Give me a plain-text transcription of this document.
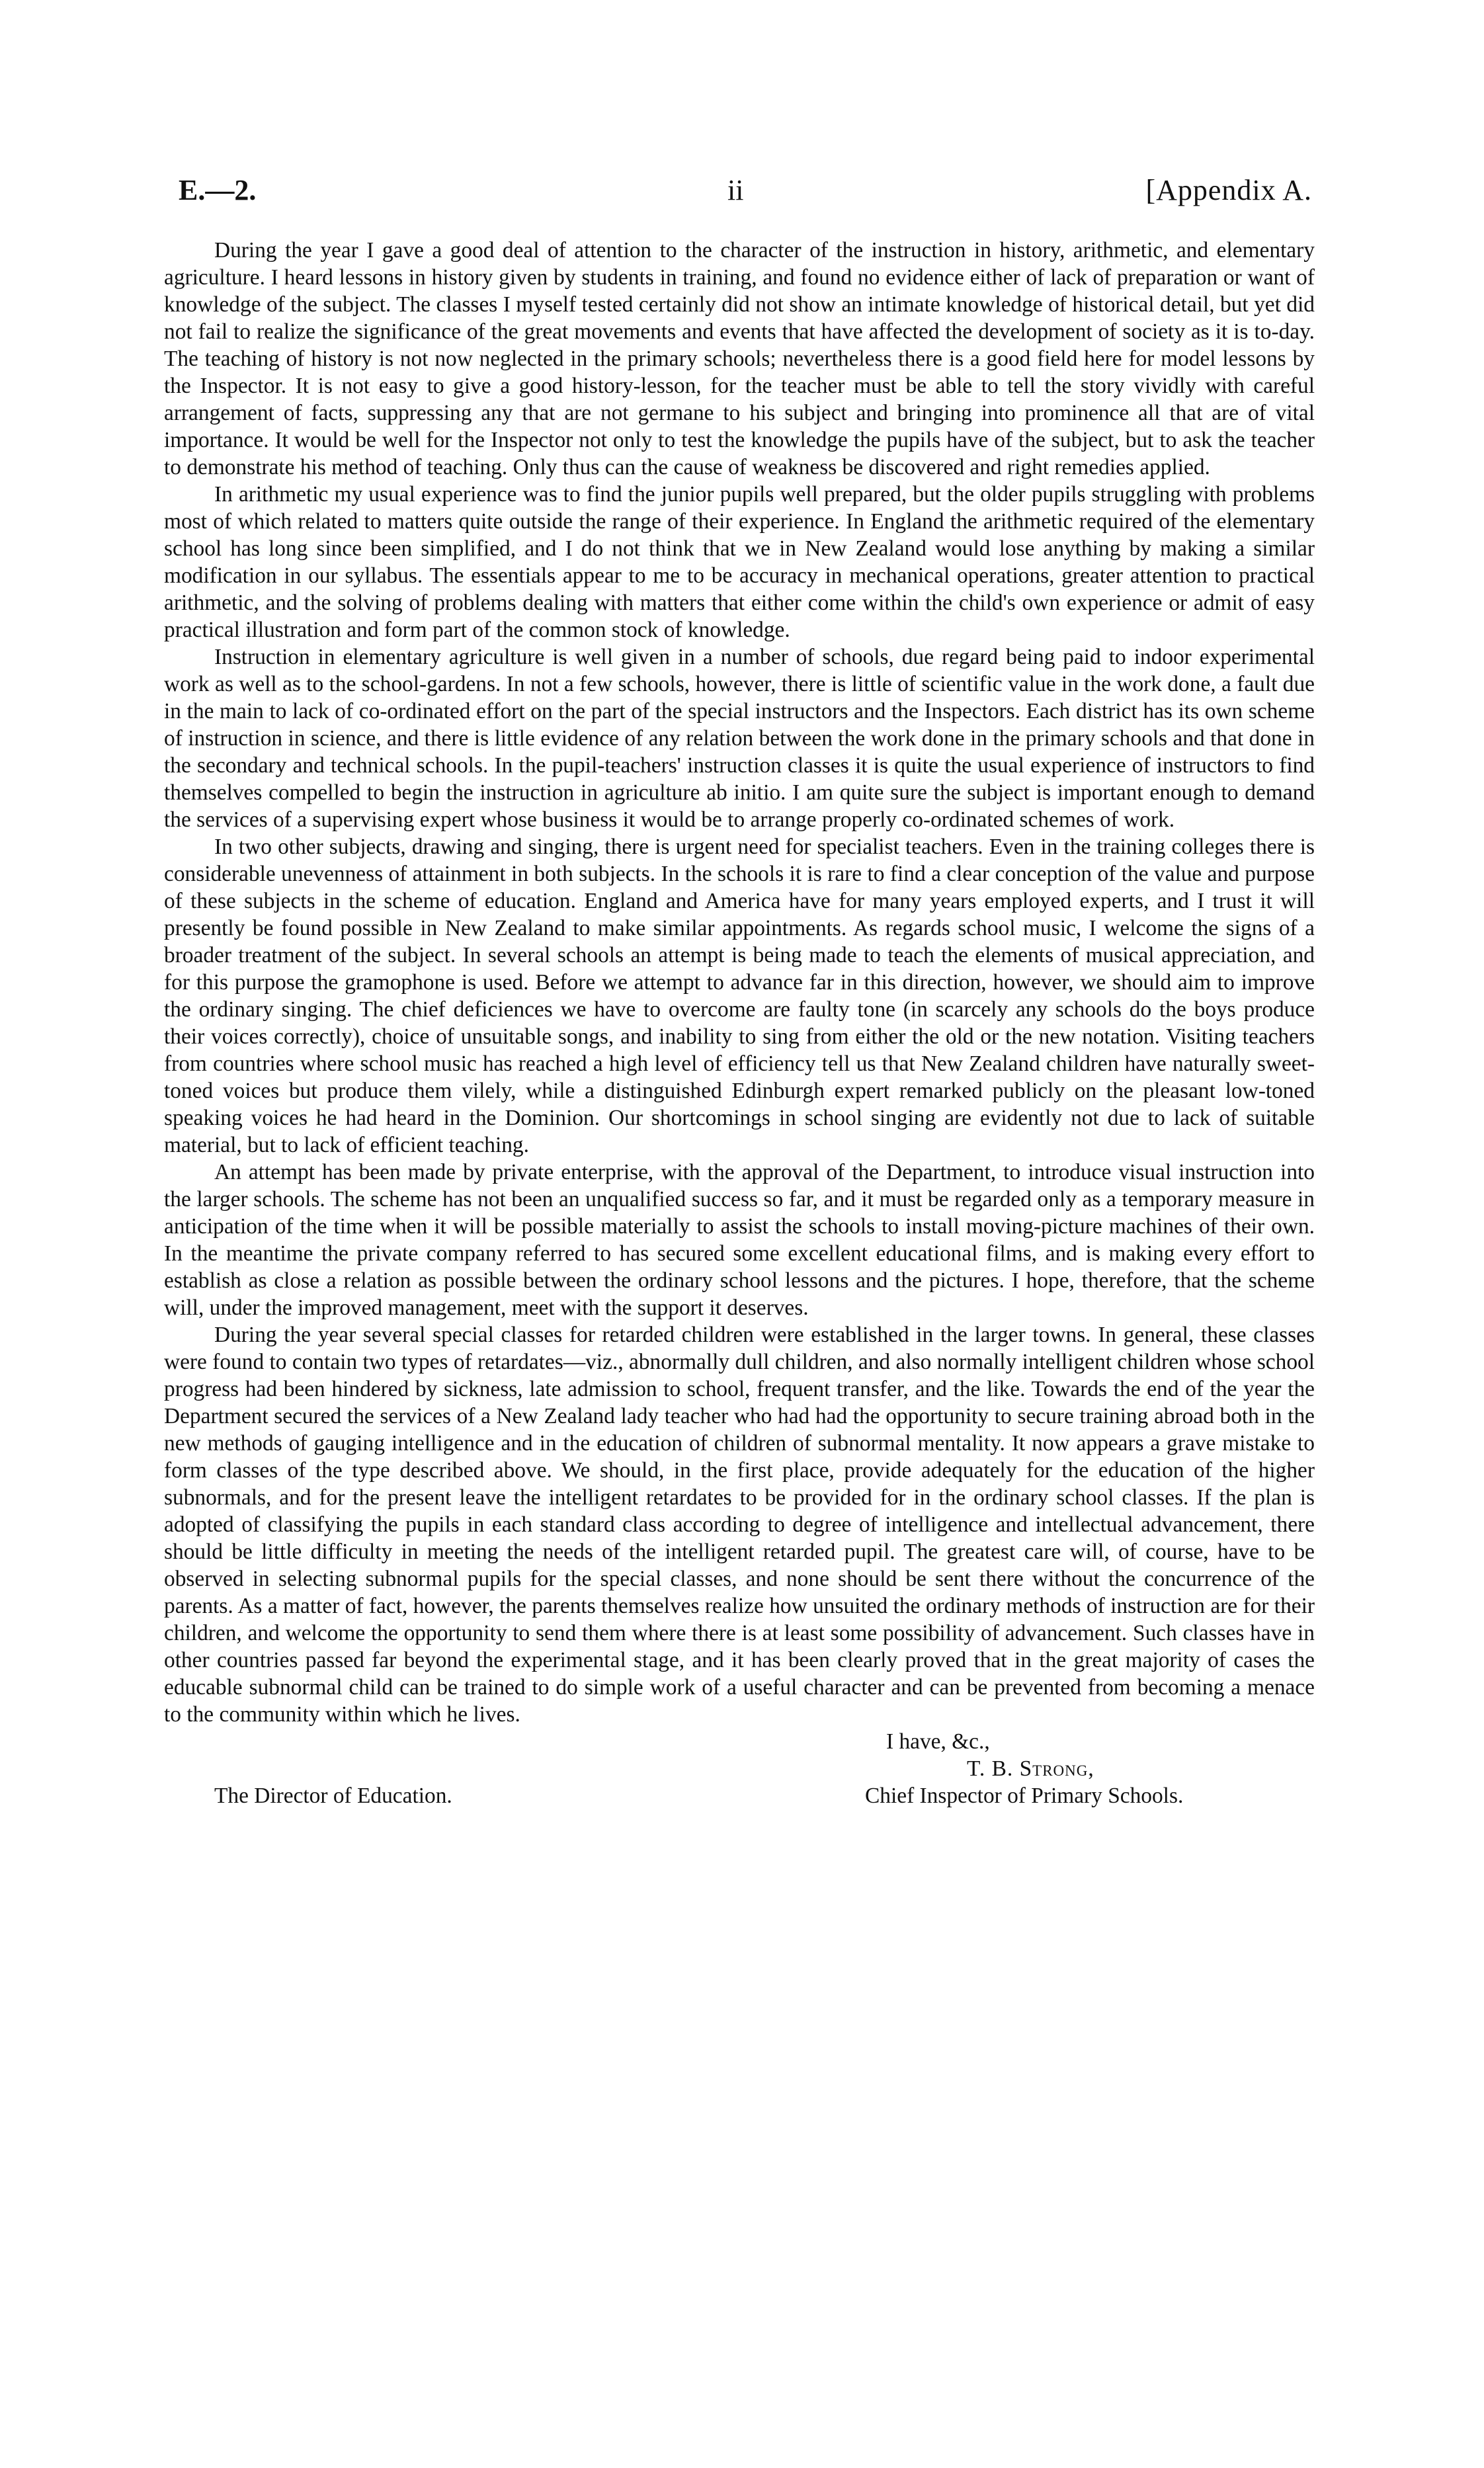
E.—2.	ii	[Appendix A.

During the year I gave a good deal of attention to the character of the instruction in history, arithmetic, and elementary agriculture. I heard lessons in history given by students in training, and found no evidence either of lack of preparation or want of knowledge of the subject. The classes I myself tested certainly did not show an intimate knowledge of historical detail, but yet did not fail to realize the significance of the great movements and events that have affected the development of society as it is to-day. The teaching of history is not now neglected in the primary schools; nevertheless there is a good field here for model lessons by the Inspector. It is not easy to give a good history-lesson, for the teacher must be able to tell the story vividly with careful arrangement of facts, suppressing any that are not germane to his subject and bringing into prominence all that are of vital importance. It would be well for the Inspector not only to test the knowledge the pupils have of the subject, but to ask the teacher to demonstrate his method of teaching. Only thus can the cause of weakness be discovered and right remedies applied.

In arithmetic my usual experience was to find the junior pupils well prepared, but the older pupils struggling with problems most of which related to matters quite outside the range of their experience. In England the arithmetic required of the elementary school has long since been simplified, and I do not think that we in New Zealand would lose anything by making a similar modification in our syllabus. The essentials appear to me to be accuracy in mechanical operations, greater attention to practical arithmetic, and the solving of problems dealing with matters that either come within the child's own experience or admit of easy practical illustration and form part of the common stock of knowledge.

Instruction in elementary agriculture is well given in a number of schools, due regard being paid to indoor experimental work as well as to the school-gardens. In not a few schools, however, there is little of scientific value in the work done, a fault due in the main to lack of co-ordinated effort on the part of the special instructors and the Inspectors. Each district has its own scheme of instruction in science, and there is little evidence of any relation between the work done in the primary schools and that done in the secondary and technical schools. In the pupil-teachers' instruction classes it is quite the usual experience of instructors to find themselves compelled to begin the instruction in agriculture ab initio. I am quite sure the subject is important enough to demand the services of a supervising expert whose business it would be to arrange properly co-ordinated schemes of work.

In two other subjects, drawing and singing, there is urgent need for specialist teachers. Even in the training colleges there is considerable unevenness of attainment in both subjects. In the schools it is rare to find a clear conception of the value and purpose of these subjects in the scheme of education. England and America have for many years employed experts, and I trust it will presently be found possible in New Zealand to make similar appointments. As regards school music, I welcome the signs of a broader treatment of the subject. In several schools an attempt is being made to teach the elements of musical appreciation, and for this purpose the gramophone is used. Before we attempt to advance far in this direction, however, we should aim to improve the ordinary singing. The chief deficiences we have to overcome are faulty tone (in scarcely any schools do the boys produce their voices correctly), choice of unsuitable songs, and inability to sing from either the old or the new notation. Visiting teachers from countries where school music has reached a high level of efficiency tell us that New Zealand children have naturally sweet-toned voices but produce them vilely, while a distinguished Edinburgh expert remarked publicly on the pleasant low-toned speaking voices he had heard in the Dominion. Our shortcomings in school singing are evidently not due to lack of suitable material, but to lack of efficient teaching.

An attempt has been made by private enterprise, with the approval of the Department, to introduce visual instruction into the larger schools. The scheme has not been an unqualified success so far, and it must be regarded only as a temporary measure in anticipation of the time when it will be possible materially to assist the schools to install moving-picture machines of their own. In the meantime the private company referred to has secured some excellent educational films, and is making every effort to establish as close a relation as possible between the ordinary school lessons and the pictures. I hope, therefore, that the scheme will, under the improved management, meet with the support it deserves.

During the year several special classes for retarded children were established in the larger towns. In general, these classes were found to contain two types of retardates—viz., abnormally dull children, and also normally intelligent children whose school progress had been hindered by sickness, late admission to school, frequent transfer, and the like. Towards the end of the year the Department secured the services of a New Zealand lady teacher who had had the opportunity to secure training abroad both in the new methods of gauging intelligence and in the education of children of subnormal mentality. It now appears a grave mistake to form classes of the type described above. We should, in the first place, provide adequately for the education of the higher subnormals, and for the present leave the intelligent retardates to be provided for in the ordinary school classes. If the plan is adopted of classifying the pupils in each standard class according to degree of intelligence and intellectual advancement, there should be little difficulty in meeting the needs of the intelligent retarded pupil. The greatest care will, of course, have to be observed in selecting subnormal pupils for the special classes, and none should be sent there without the concurrence of the parents. As a matter of fact, however, the parents themselves realize how unsuited the ordinary methods of instruction are for their children, and welcome the opportunity to send them where there is at least some possibility of advancement. Such classes have in other countries passed far beyond the experimental stage, and it has been clearly proved that in the great majority of cases the educable subnormal child can be trained to do simple work of a useful character and can be prevented from becoming a menace to the community within which he lives.

I have, &c.,
T. B. Strong,
The Director of Education.	Chief Inspector of Primary Schools.
